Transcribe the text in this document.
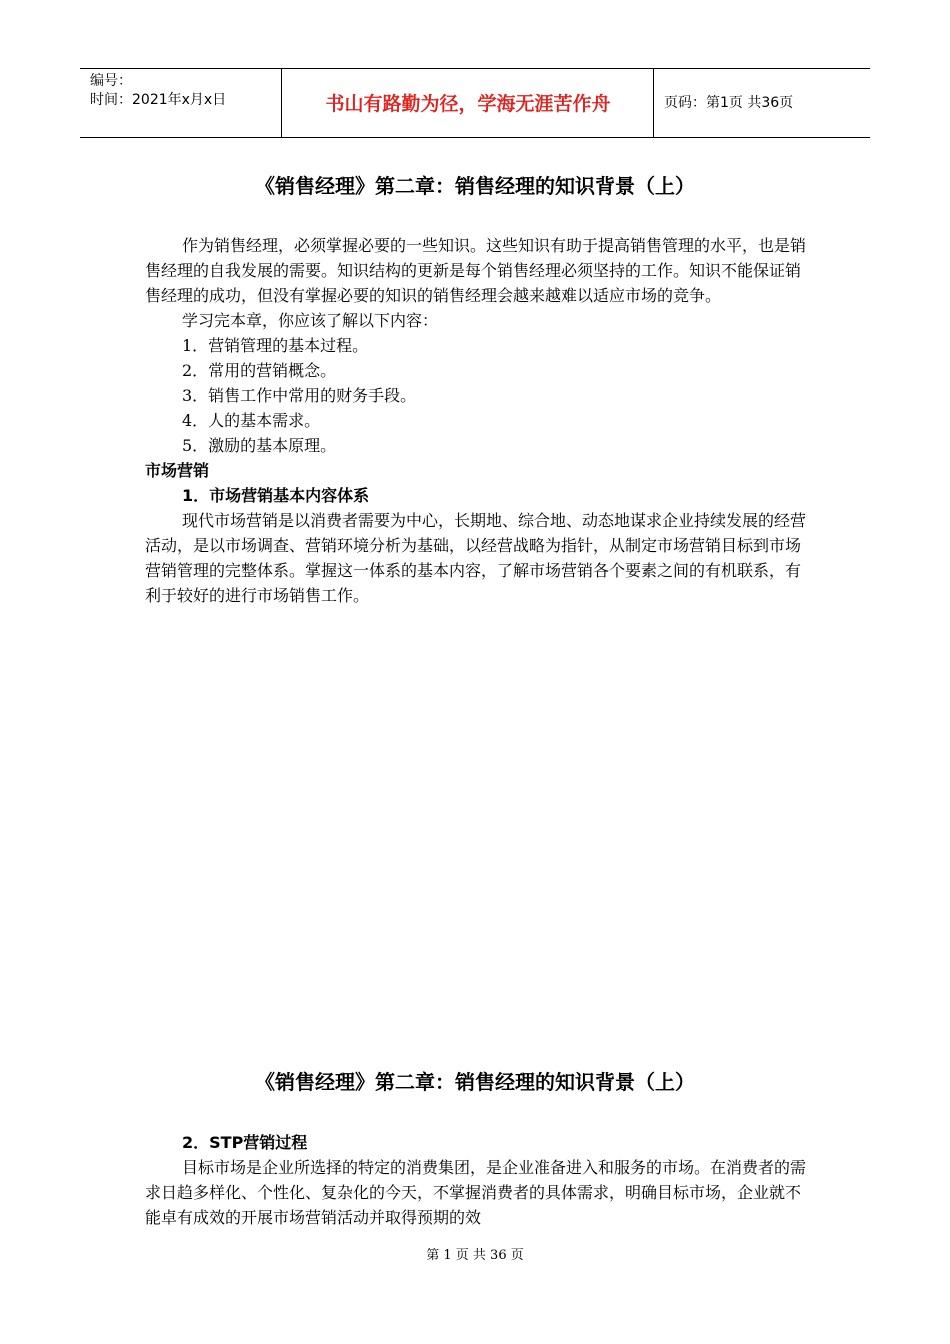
编号：
时间：2021年x月x日	书山有路勤为径，学海无涯苦作舟	页码：第1页 共36页
《销售经理》第二章：销售经理的知识背景（上）

作为销售经理，必须掌握必要的一些知识。这些知识有助于提高销售管理的水平，也是销售经理的自我发展的需要。知识结构的更新是每个销售经理必须坚持的工作。知识不能保证销售经理的成功，但没有掌握必要的知识的销售经理会越来越难以适应市场的竞争。

学习完本章，你应该了解以下内容：

1．营销管理的基本过程。

2．常用的营销概念。

3．销售工作中常用的财务手段。

4．人的基本需求。

5．激励的基本原理。

市场营销

1．市场营销基本内容体系

现代市场营销是以消费者需要为中心，长期地、综合地、动态地谋求企业持续发展的经营活动，是以市场调查、营销环境分析为基础，以经营战略为指针，从制定市场营销目标到市场营销管理的完整体系。掌握这一体系的基本内容，了解市场营销各个要素之间的有机联系，有利于较好的进行市场销售工作。

《销售经理》第二章：销售经理的知识背景（上）

2．STP营销过程

目标市场是企业所选择的特定的消费集团，是企业准备进入和服务的市场。在消费者的需求日趋多样化、个性化、复杂化的今天，不掌握消费者的具体需求，明确目标市场，企业就不能卓有成效的开展市场营销活动并取得预期的效

第 1 页 共 36 页
